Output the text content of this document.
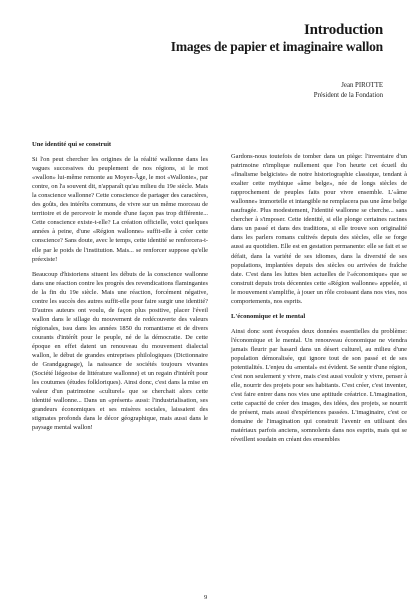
Introduction
Images de papier et imaginaire wallon
Jean PIROTTE
Président de la Fondation
Une identité qui se construit

Si l'on peut chercher les origines de la réalité wallonne dans les vagues successives du peuplement de nos régions, si le mot «wallon» lui-même remonte au Moyen-Âge, le mot «Wallonie», par contre, on l'a souvent dit, n'apparaît qu'au milieu du 19e siècle. Mais la conscience wallonne? Cette conscience de partager des caractères, des goûts, des intérêts communs, de vivre sur un même morceau de territoire et de percevoir le monde d'une façon pas trop différente... Cette conscience existe-t-elle? La création officielle, voici quelques années à peine, d'une «Région wallonne» suffit-elle à créer cette conscience? Sans doute, avec le temps, cette identité se renforcera-t-elle par le poids de l'institution. Mais... se renforcer suppose qu'elle préexiste!

Beaucoup d'historiens situent les débuts de la conscience wallonne dans une réaction contre les progrès des revendications flamingantes de la fin du 19e siècle. Mais une réaction, forcément négative, contre les succès des autres suffit-elle pour faire surgir une identité? D'autres auteurs ont voulu, de façon plus positive, placer l'éveil wallon dans le sillage du mouvement de redécouverte des valeurs régionales, issu dans les années 1850 du romantisme et de divers courants d'intérêt pour le peuple, né de la démocratie. De cette époque en effet datent un renouveau du mouvement dialectal wallon, le début de grandes entreprises philologiques (Dictionnaire de Grandgagnage), la naissance de sociétés toujours vivantes (Société liégeoise de littérature wallonne) et un regain d'intérêt pour les coutumes (études folkloriques). Ainsi donc, c'est dans la mise en valeur d'un patrimoine «culturel» que se cherchait alors cette identité wallonne... Dans un «présent» aussi: l'industrialisation, ses grandeurs économiques et ses misères sociales, laissaient des stigmates profonds dans le décor géographique, mais aussi dans le paysage mental wallon!

Gardons-nous toutefois de tomber dans un piège: l'inventaire d'un patrimoine n'implique nullement que l'on heurte cet écueil du «finalisme belgiciste» de notre historiographie classique, tendant à exalter cette mythique «âme belge», née de longs siècles de rapprochement de peuples faits pour vivre ensemble. L'«âme wallonne» immortelle et intangible ne remplacera pas une âme belge naufragée. Plus modestement, l'identité wallonne se cherche... sans chercher à s'imposer. Cette identité, si elle plonge certaines racines dans un passé et dans des traditions, si elle trouve son originalité dans les parlers romans cultivés depuis des siècles, elle se forge aussi au quotidien. Elle est en gestation permanente: elle se fait et se défait, dans la variété de ses idiomes, dans la diversité de ses populations, implantées depuis des siècles ou arrivées de fraîche date. C'est dans les luttes bien actuelles de l'«économique» que se construit depuis trois décennies cette «Région wallonne» appelée, si le mouvement s'amplifie, à jouer un rôle croissant dans nos vies, nos comportements, nos esprits.

L'économique et le mental

Ainsi donc sont évoquées deux données essentielles du problème: l'économique et le mental. Un renouveau économique ne viendra jamais fleurir par hasard dans un désert culturel, au milieu d'une population démoralisée, qui ignore tout de son passé et de ses potentialités. L'enjeu du «mental» est évident. Se sentir d'une région, c'est non seulement y vivre, mais c'est aussi vouloir y vivre, penser à elle, nourrir des projets pour ses habitants. C'est créer, c'est inventer, c'est faire entrer dans nos vies une aptitude créatrice. L'imagination, cette capacité de créer des images, des idées, des projets, se nourrit de présent, mais aussi d'expériences passées. L'imaginaire, c'est ce domaine de l'imagination qui construit l'avenir en utilisant des matériaux parfois anciens, somnolents dans nos esprits, mais qui se réveillent soudain en créant des ensembles

9
